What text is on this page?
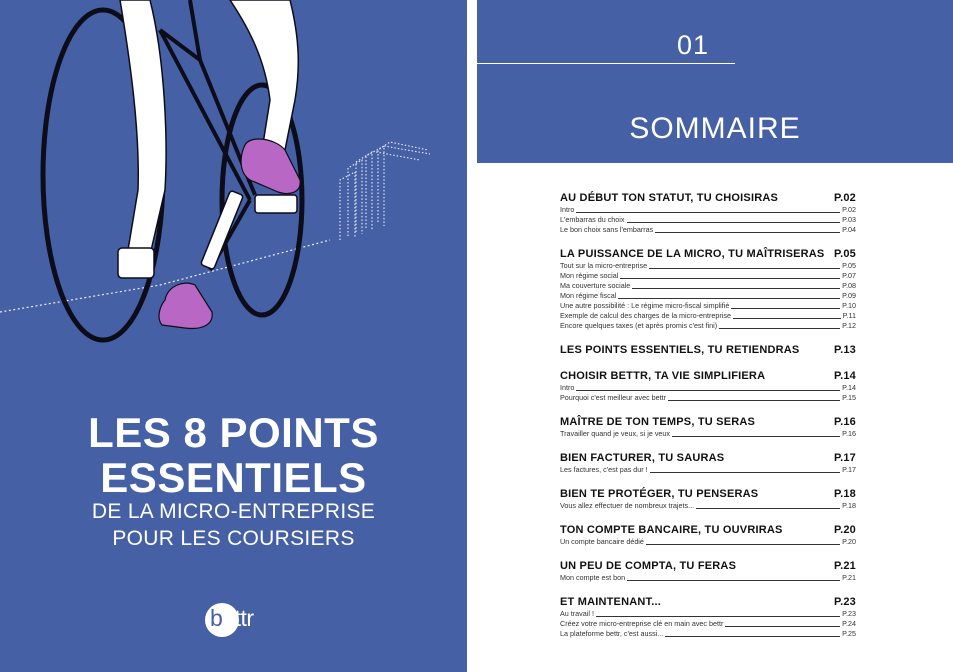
LES 8 POINTS
ESSENTIELS
DE LA MICRO-ENTREPRISE
POUR LES COURSIERS
bettr
01
SOMMAIRE
AU DÉBUT TON STATUT, TU CHOISIRAS	P.02
Intro	P.02
L'embarras du choix	P.03
Le bon choix sans l'embarras	P.04
LA PUISSANCE DE LA MICRO, TU MAÎTRISERAS P.05
Tout sur la micro-entreprise	P.05
Mon régime social	P.07
Ma couverture sociale	P.08
Mon régime fiscal	P.09
Une autre possibilité : Le régime micro-fiscal simplifié	P.10
Exemple de calcul des charges de la micro-entreprise	P.11
Encore quelques taxes (et après promis c'est fini)	P.12
LES POINTS ESSENTIELS, TU RETIENDRAS	P.13
CHOISIR BETTR, TA VIE SIMPLIFIERA	P.14
Intro	P.14
Pourquoi c'est meilleur avec bettr	P.15
MAÎTRE DE TON TEMPS, TU SERAS	P.16
Travailler quand je veux, si je veux	P.16
BIEN FACTURER, TU SAURAS	P.17
Les factures, c'est pas dur !	P.17
BIEN TE PROTÉGER, TU PENSERAS	P.18
Vous allez effectuer de nombreux trajets...	P.18
TON COMPTE BANCAIRE, TU OUVRIRAS	P.20
Un compte bancaire dédié	P.20
UN PEU DE COMPTA, TU FERAS	P.21
Mon compte est bon	P.21
ET MAINTENANT...	P.23
Au travail !	P.23
Créez votre micro-entreprise clé en main avec bettr	P.24
La plateforme bettr, c'est aussi...	P.25
